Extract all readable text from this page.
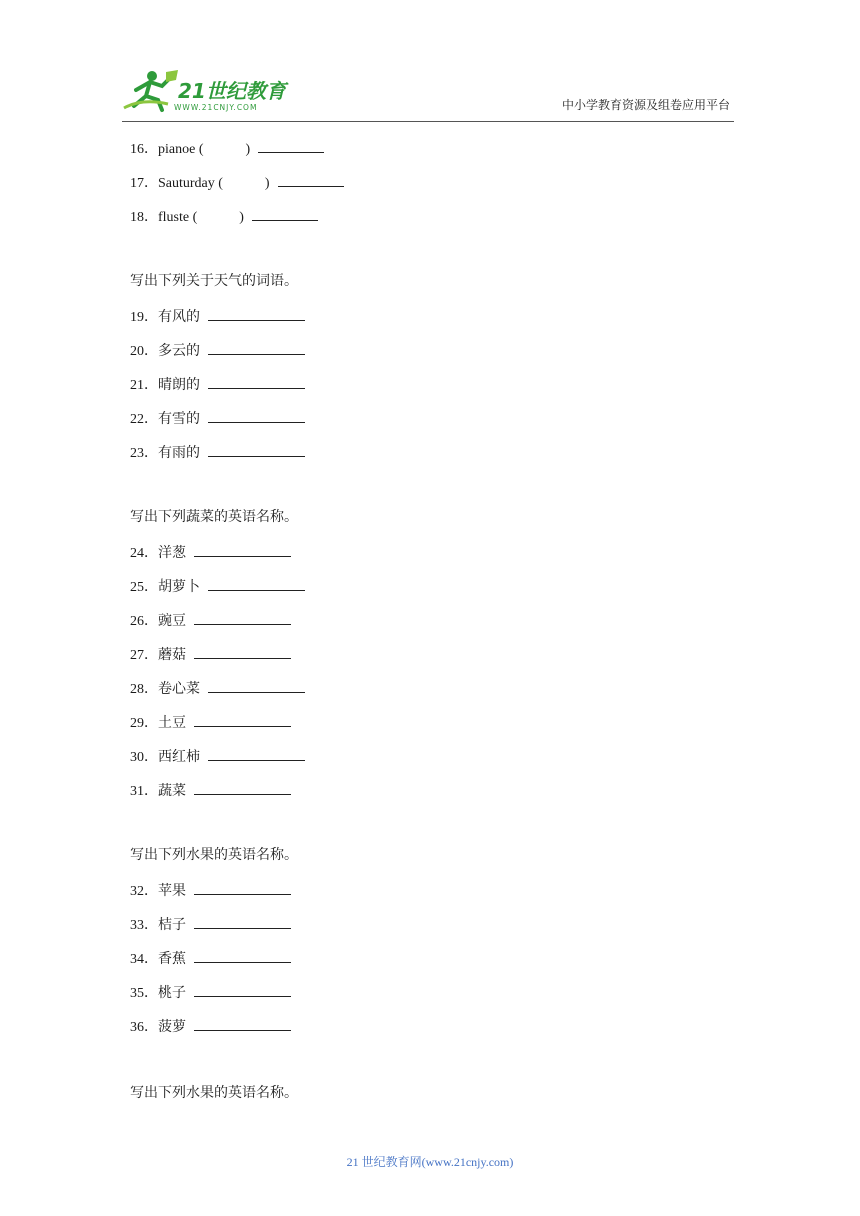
21世纪教育
WWW.21CNJY.COM	中小学教育资源及组卷应用平台
16．pianoe (            )
17．Sauturday (            )
18．fluste (            )
写出下列关于天气的词语。
19．有风的
20．多云的
21．晴朗的
22．有雪的
23．有雨的
写出下列蔬菜的英语名称。
24．洋葱
25．胡萝卜
26．豌豆
27．蘑菇
28．卷心菜
29．土豆
30．西红柿
31．蔬菜
写出下列水果的英语名称。
32．苹果
33．桔子
34．香蕉
35．桃子
36．菠萝
写出下列水果的英语名称。
21 世纪教育网(www.21cnjy.com)
